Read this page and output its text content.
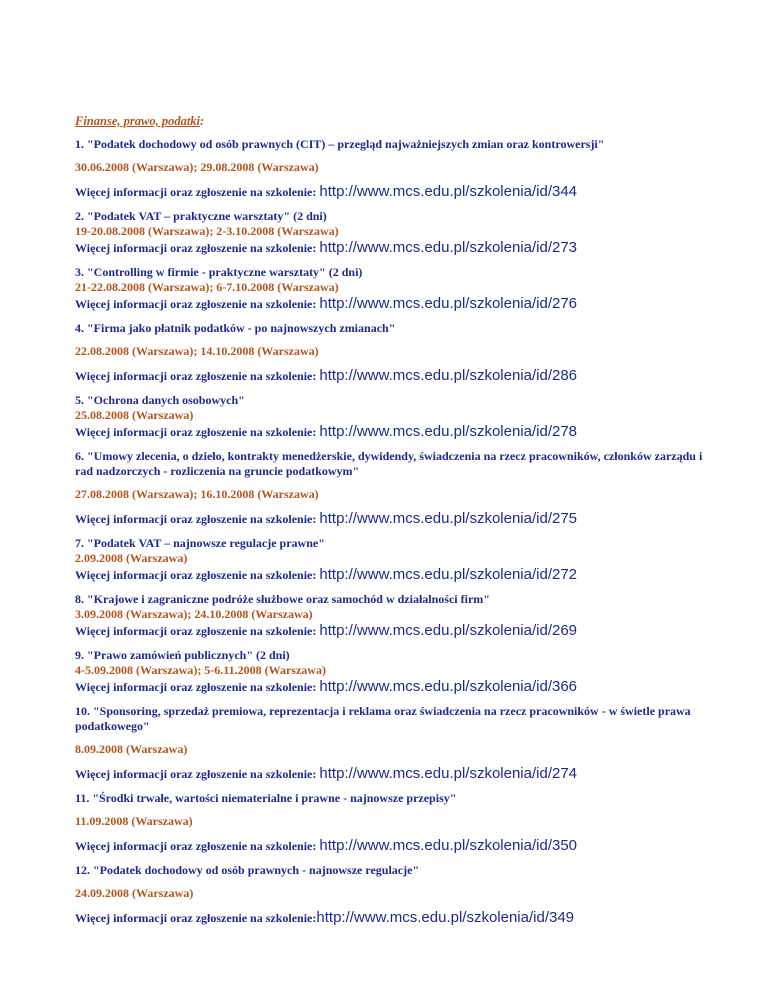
Finanse, prawo, podatki:
1. "Podatek dochodowy od osób prawnych (CIT) – przegląd najważniejszych zmian oraz kontrowersji"
30.06.2008 (Warszawa); 29.08.2008 (Warszawa)
Więcej informacji oraz zgłoszenie na szkolenie: http://www.mcs.edu.pl/szkolenia/id/344
2. "Podatek VAT – praktyczne warsztaty" (2 dni)
19-20.08.2008 (Warszawa); 2-3.10.2008 (Warszawa)
Więcej informacji oraz zgłoszenie na szkolenie: http://www.mcs.edu.pl/szkolenia/id/273
3. "Controlling w firmie - praktyczne warsztaty" (2 dni)
21-22.08.2008 (Warszawa); 6-7.10.2008 (Warszawa)
Więcej informacji oraz zgłoszenie na szkolenie: http://www.mcs.edu.pl/szkolenia/id/276
4. "Firma jako płatnik podatków - po najnowszych zmianach"
22.08.2008 (Warszawa); 14.10.2008 (Warszawa)
Więcej informacji oraz zgłoszenie na szkolenie: http://www.mcs.edu.pl/szkolenia/id/286
5. "Ochrona danych osobowych"
25.08.2008 (Warszawa)
Więcej informacji oraz zgłoszenie na szkolenie: http://www.mcs.edu.pl/szkolenia/id/278
6. "Umowy zlecenia, o dzieło, kontrakty menedżerskie, dywidendy, świadczenia na rzecz pracowników, członków zarządu i rad nadzorczych - rozliczenia na gruncie podatkowym"
27.08.2008 (Warszawa); 16.10.2008 (Warszawa)
Więcej informacji oraz zgłoszenie na szkolenie: http://www.mcs.edu.pl/szkolenia/id/275
7. "Podatek VAT – najnowsze regulacje prawne"
2.09.2008 (Warszawa)
Więcej informacji oraz zgłoszenie na szkolenie: http://www.mcs.edu.pl/szkolenia/id/272
8. "Krajowe i zagraniczne podróże służbowe oraz samochód w działalności firm"
3.09.2008 (Warszawa); 24.10.2008 (Warszawa)
Więcej informacji oraz zgłoszenie na szkolenie: http://www.mcs.edu.pl/szkolenia/id/269
9. "Prawo zamówień publicznych" (2 dni)
4-5.09.2008 (Warszawa); 5-6.11.2008 (Warszawa)
Więcej informacji oraz zgłoszenie na szkolenie: http://www.mcs.edu.pl/szkolenia/id/366
10. "Sponsoring, sprzedaż premiowa, reprezentacja i reklama oraz świadczenia na rzecz pracowników - w świetle prawa podatkowego"
8.09.2008 (Warszawa)
Więcej informacji oraz zgłoszenie na szkolenie: http://www.mcs.edu.pl/szkolenia/id/274
11. "Środki trwałe, wartości niematerialne i prawne - najnowsze przepisy"
11.09.2008 (Warszawa)
Więcej informacji oraz zgłoszenie na szkolenie: http://www.mcs.edu.pl/szkolenia/id/350
12. "Podatek dochodowy od osób prawnych - najnowsze regulacje"
24.09.2008 (Warszawa)
Więcej informacji oraz zgłoszenie na szkolenie:http://www.mcs.edu.pl/szkolenia/id/349
